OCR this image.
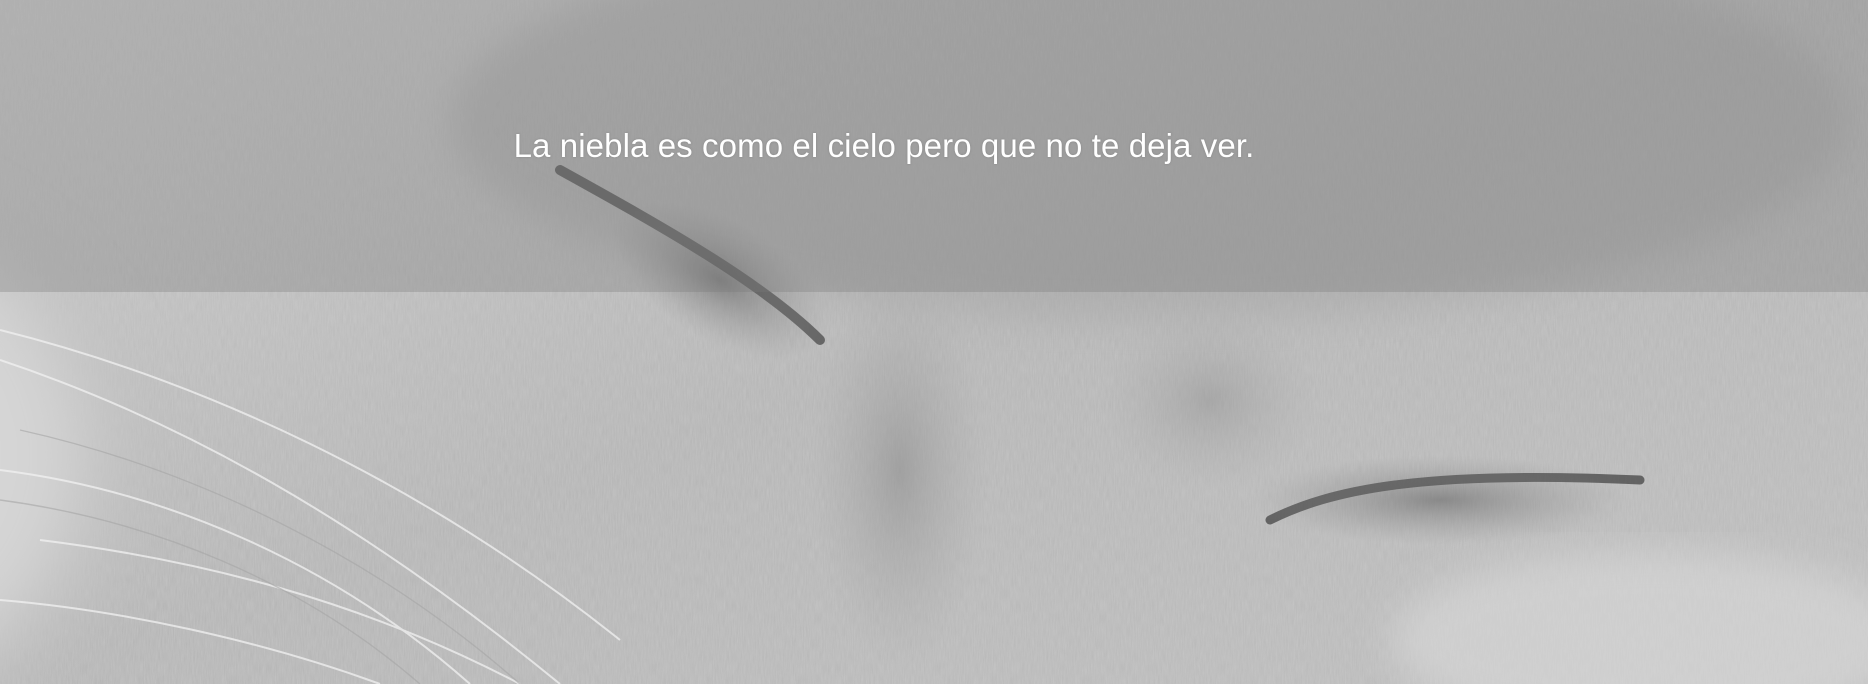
La niebla es como el cielo pero que no te deja ver.
